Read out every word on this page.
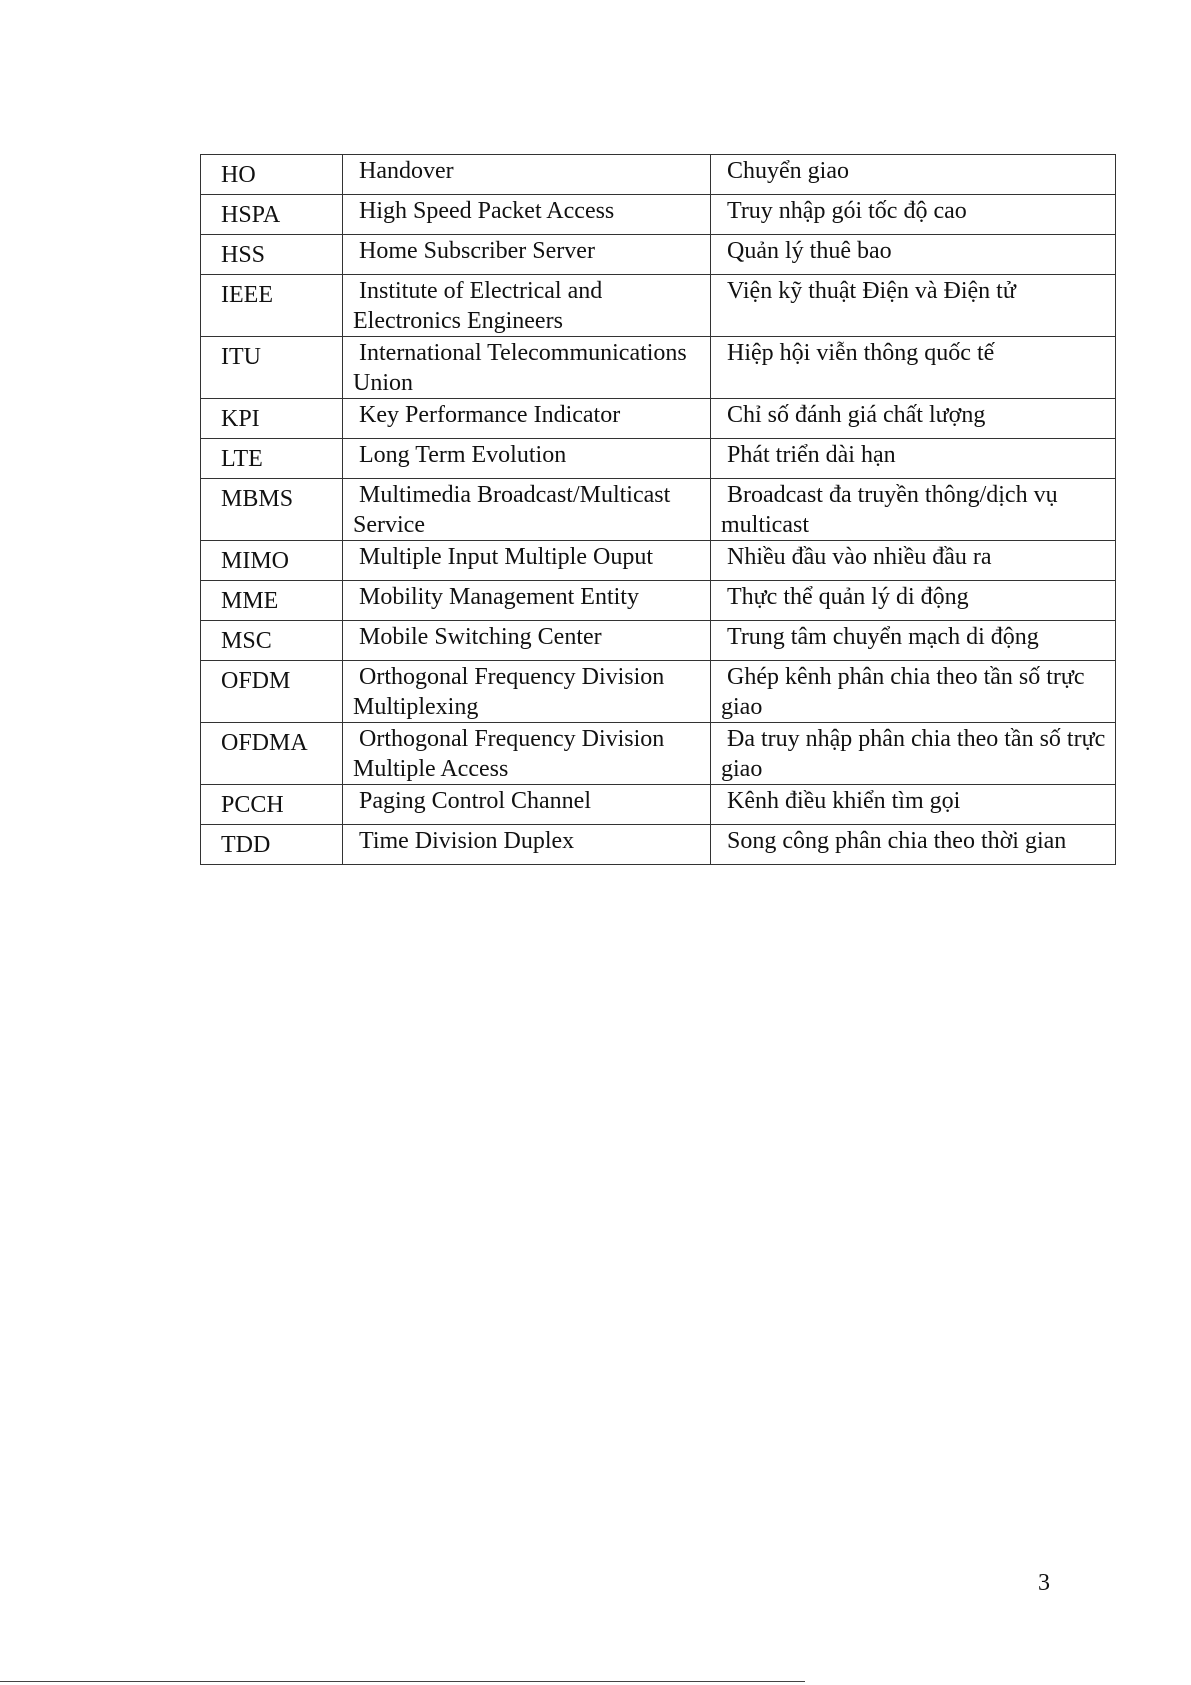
HO	Handover	Chuyển giao
HSPA	High Speed Packet Access	Truy nhập gói tốc độ cao
HSS	Home Subscriber Server	Quản lý thuê bao
IEEE	Institute of Electrical and Electronics Engineers	Viện kỹ thuật Điện và Điện tử
ITU	International Telecommunications Union	Hiệp hội viễn thông quốc tế
KPI	Key Performance Indicator	Chỉ số đánh giá chất lượng
LTE	Long Term Evolution	Phát triển dài hạn
MBMS	Multimedia Broadcast/Multicast Service	Broadcast đa truyền thông/dịch vụ multicast
MIMO	Multiple Input Multiple Ouput	Nhiều đầu vào nhiều đầu ra
MME	Mobility Management Entity	Thực thể quản lý di động
MSC	Mobile Switching Center	Trung tâm chuyển mạch di động
OFDM	Orthogonal Frequency Division Multiplexing	Ghép kênh phân chia theo tần số trực giao
OFDMA	Orthogonal Frequency Division Multiple Access	Đa truy nhập phân chia theo tần số trực giao
PCCH	Paging Control Channel	Kênh điều khiển tìm gọi
TDD	Time Division Duplex	Song công phân chia theo thời gian
3
